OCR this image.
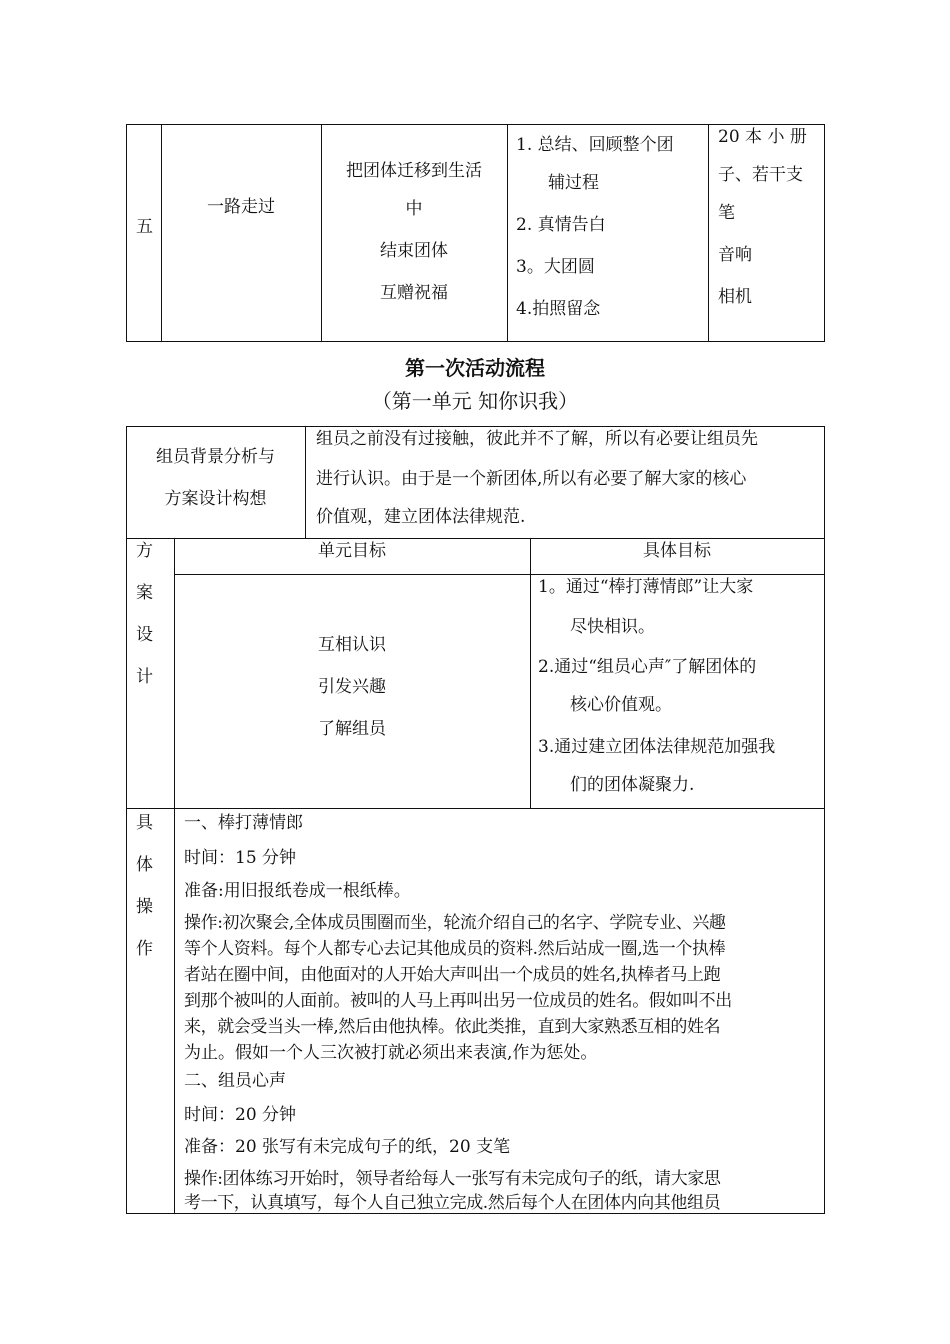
五
一路走过
把团体迁移到生活
中
结束团体
互赠祝福
1. 总结、回顾整个团
辅过程
2. 真情告白
3。大团圆
4.拍照留念
20 本 小 册
子、若干支
笔
音响
相机
第一次活动流程
（第一单元 知你识我）
组员背景分析与
方案设计构想
组员之前没有过接触，彼此并不了解，所以有必要让组员先
进行认识。由于是一个新团体,所以有必要了解大家的核心
价值观，建立团体法律规范.
方
案
设
计
单元目标	具体目标
互相认识
引发兴趣
了解组员
1。通过“棒打薄情郎”让大家
尽快相识。
2.通过“组员心声″了解团体的
核心价值观。
3.通过建立团体法律规范加强我
们的团体凝聚力.
具
体
操
作
一、棒打薄情郎
时间：15 分钟
准备:用旧报纸卷成一根纸棒。
操作:初次聚会,全体成员围圈而坐，轮流介绍自己的名字、学院专业、兴趣
等个人资料。每个人都专心去记其他成员的资料.然后站成一圈,选一个执棒
者站在圈中间，由他面对的人开始大声叫出一个成员的姓名,执棒者马上跑
到那个被叫的人面前。被叫的人马上再叫出另一位成员的姓名。假如叫不出
来，就会受当头一棒,然后由他执棒。依此类推，直到大家熟悉互相的姓名
为止。假如一个人三次被打就必须出来表演,作为惩处。
二、组员心声
时间：20 分钟
准备：20 张写有未完成句子的纸，20 支笔
操作:团体练习开始时，领导者给每人一张写有未完成句子的纸，请大家思
考一下，认真填写，每个人自己独立完成.然后每个人在团体内向其他组员
